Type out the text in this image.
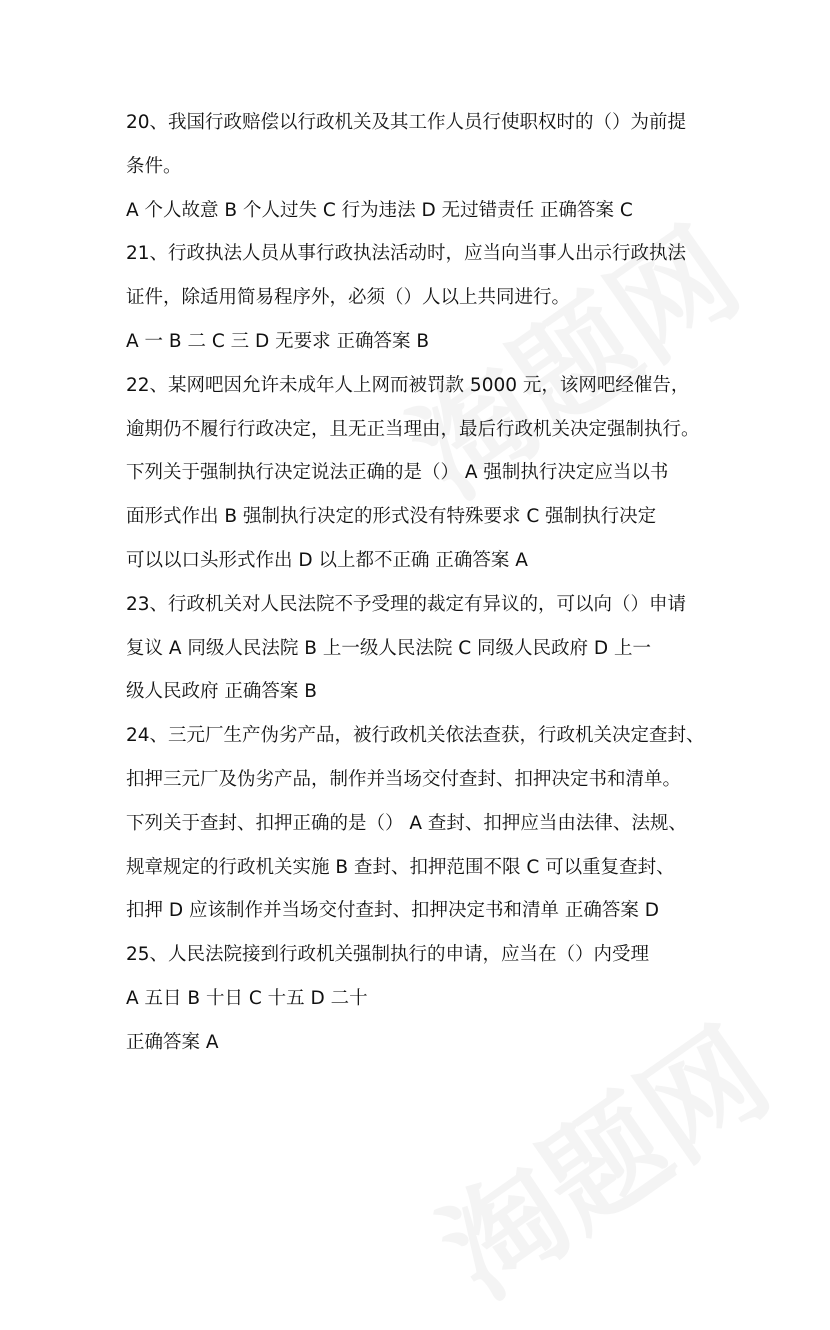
20、我国行政赔偿以行政机关及其工作人员行使职权时的（）为前提
条件。
A 个人故意 B 个人过失 C 行为违法 D 无过错责任 正确答案 C
21、行政执法人员从事行政执法活动时，应当向当事人出示行政执法
证件，除适用简易程序外，必须（）人以上共同进行。
A 一 B 二 C 三 D 无要求 正确答案 B
22、某网吧因允许未成年人上网而被罚款 5000 元，该网吧经催告，
逾期仍不履行行政决定，且无正当理由，最后行政机关决定强制执行。
下列关于强制执行决定说法正确的是（） A 强制执行决定应当以书
面形式作出 B 强制执行决定的形式没有特殊要求 C 强制执行决定
可以以口头形式作出 D 以上都不正确 正确答案 A
23、行政机关对人民法院不予受理的裁定有异议的，可以向（）申请
复议 A 同级人民法院 B 上一级人民法院 C 同级人民政府 D 上一
级人民政府 正确答案 B
24、三元厂生产伪劣产品，被行政机关依法查获，行政机关决定查封、
扣押三元厂及伪劣产品，制作并当场交付查封、扣押决定书和清单。
下列关于查封、扣押正确的是（） A 查封、扣押应当由法律、法规、
规章规定的行政机关实施 B 查封、扣押范围不限 C 可以重复查封、
扣押 D 应该制作并当场交付查封、扣押决定书和清单 正确答案 D
25、人民法院接到行政机关强制执行的申请，应当在（）内受理
A 五日 B 十日 C 十五 D 二十
正确答案 A
